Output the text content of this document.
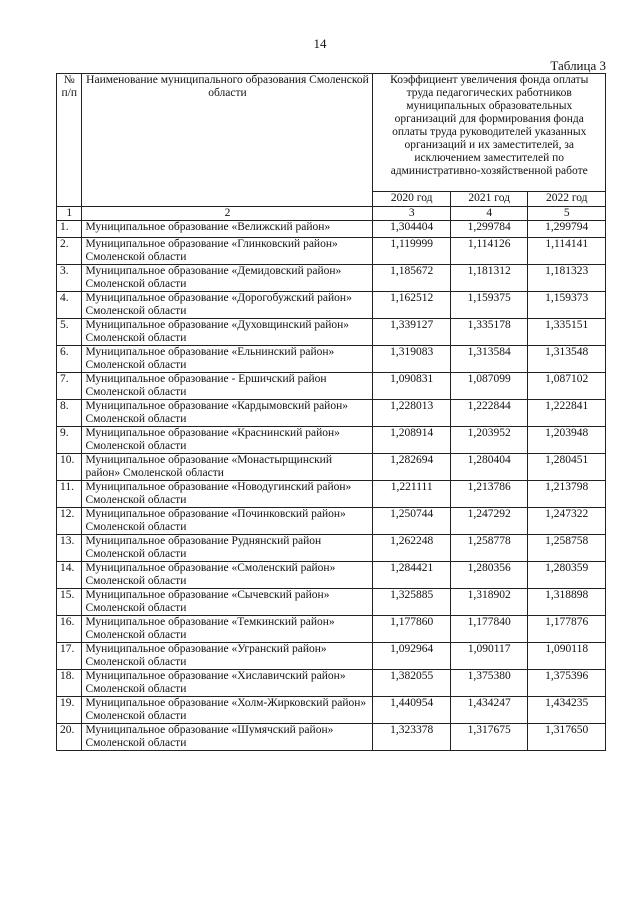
14
Таблица 3
№ п/п	Наименование муниципального образования Смоленской области	Коэффициент увеличения фонда оплаты труда педагогических работников муниципальных образовательных организаций для формирования фонда оплаты труда руководителей указанных организаций и их заместителей, за исключением заместителей по административно-хозяйственной работе		
		2020 год	2021 год	2022 год
1	2	3	4	5
1.	Муниципальное образование «Велижский район»	1,304404	1,299784	1,299794
2.	Муниципальное образование «Глинковский район» Смоленской области	1,119999	1,114126	1,114141
3.	Муниципальное образование «Демидовский район» Смоленской области	1,185672	1,181312	1,181323
4.	Муниципальное образование «Дорогобужский район» Смоленской области	1,162512	1,159375	1,159373
5.	Муниципальное образование «Духовщинский район» Смоленской области	1,339127	1,335178	1,335151
6.	Муниципальное образование «Ельнинский район» Смоленской области	1,319083	1,313584	1,313548
7.	Муниципальное образование - Ершичский район Смоленской области	1,090831	1,087099	1,087102
8.	Муниципальное образование «Кардымовский район» Смоленской области	1,228013	1,222844	1,222841
9.	Муниципальное образование «Краснинский район» Смоленской области	1,208914	1,203952	1,203948
10.	Муниципальное образование «Монастырщинский район» Смоленской области	1,282694	1,280404	1,280451
11.	Муниципальное образование «Новодугинский район» Смоленской области	1,221111	1,213786	1,213798
12.	Муниципальное образование «Починковский район» Смоленской области	1,250744	1,247292	1,247322
13.	Муниципальное образование Руднянский район Смоленской области	1,262248	1,258778	1,258758
14.	Муниципальное образование «Смоленский район» Смоленской области	1,284421	1,280356	1,280359
15.	Муниципальное образование «Сычевский район» Смоленской области	1,325885	1,318902	1,318898
16.	Муниципальное образование «Темкинский район» Смоленской области	1,177860	1,177840	1,177876
17.	Муниципальное образование «Угранский район» Смоленской области	1,092964	1,090117	1,090118
18.	Муниципальное образование «Хиславичский район» Смоленской области	1,382055	1,375380	1,375396
19.	Муниципальное образование «Холм-Жирковский район» Смоленской области	1,440954	1,434247	1,434235
20.	Муниципальное образование «Шумячский район» Смоленской области	1,323378	1,317675	1,317650
